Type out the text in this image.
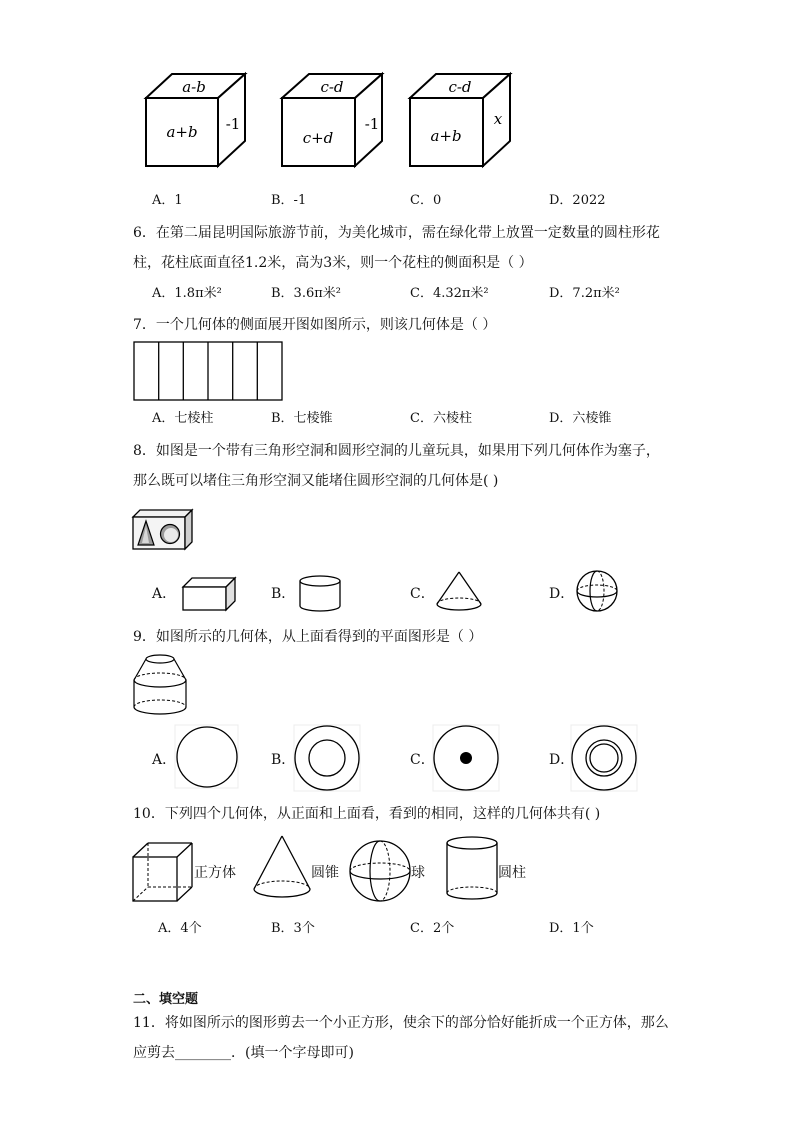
a-b
a+b -1
c-d
c+d
-1
c-d
a+b
x
A．1	B．-1	C．0	D．2022
6．在第二届昆明国际旅游节前，为美化城市，需在绿化带上放置一定数量的圆柱形花
柱，花柱底面直径1.2米，高为3米，则一个花柱的侧面积是（ ）
A．1.8π米²	B．3.6π米²	C．4.32π米²	D．7.2π米²
7．一个几何体的侧面展开图如图所示，则该几何体是（ ）
A．七棱柱	B．七棱锥	C．六棱柱	D．六棱锥
8．如图是一个带有三角形空洞和圆形空洞的儿童玩具，如果用下列几何体作为塞子，
那么既可以堵住三角形空洞又能堵住圆形空洞的几何体是( )
A．	B．	C．	D．
9．如图所示的几何体，从上面看得到的平面图形是（ ）
A．	B．	C．	D．
10．下列四个几何体，从正面和上面看，看到的相同，这样的几何体共有( )
正方体	圆锥	球	圆柱
A．4个	B．3个	C．2个	D．1个
二、填空题
11．将如图所示的图形剪去一个小正方形，使余下的部分恰好能折成一个正方体，那么
应剪去________．(填一个字母即可)
